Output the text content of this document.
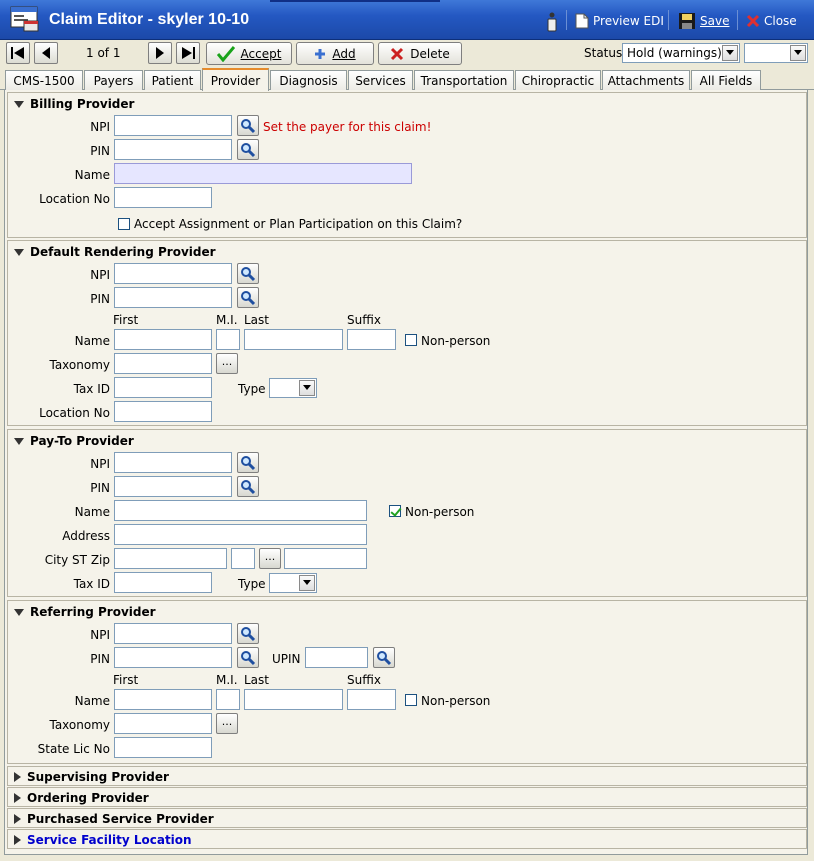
Claim Editor - skyler 10-10	Preview EDI	Save	Close
1 of 1	Accept	Add	Delete	Status Hold (warnings)
CMS-1500 Payers Patient Provider Diagnosis Services Transportation Chiropractic Attachments All Fields
Billing Provider
NPI	Set the payer for this claim!
PIN
Name
Location No
Accept Assignment or Plan Participation on this Claim?
Default Rendering Provider
NPI
PIN
First	M.I. Last	Suffix
Name	Non-person
Taxonomy	...
Tax ID	Type
Location No
Pay-To Provider
NPI
PIN
Name	Non-person
Address
City ST Zip	...
Tax ID	Type
Referring Provider
NPI
PIN	UPIN
First	M.I. Last	Suffix
Name	Non-person
Taxonomy	...
State Lic No
Supervising Provider
Ordering Provider
Purchased Service Provider
Service Facility Location
